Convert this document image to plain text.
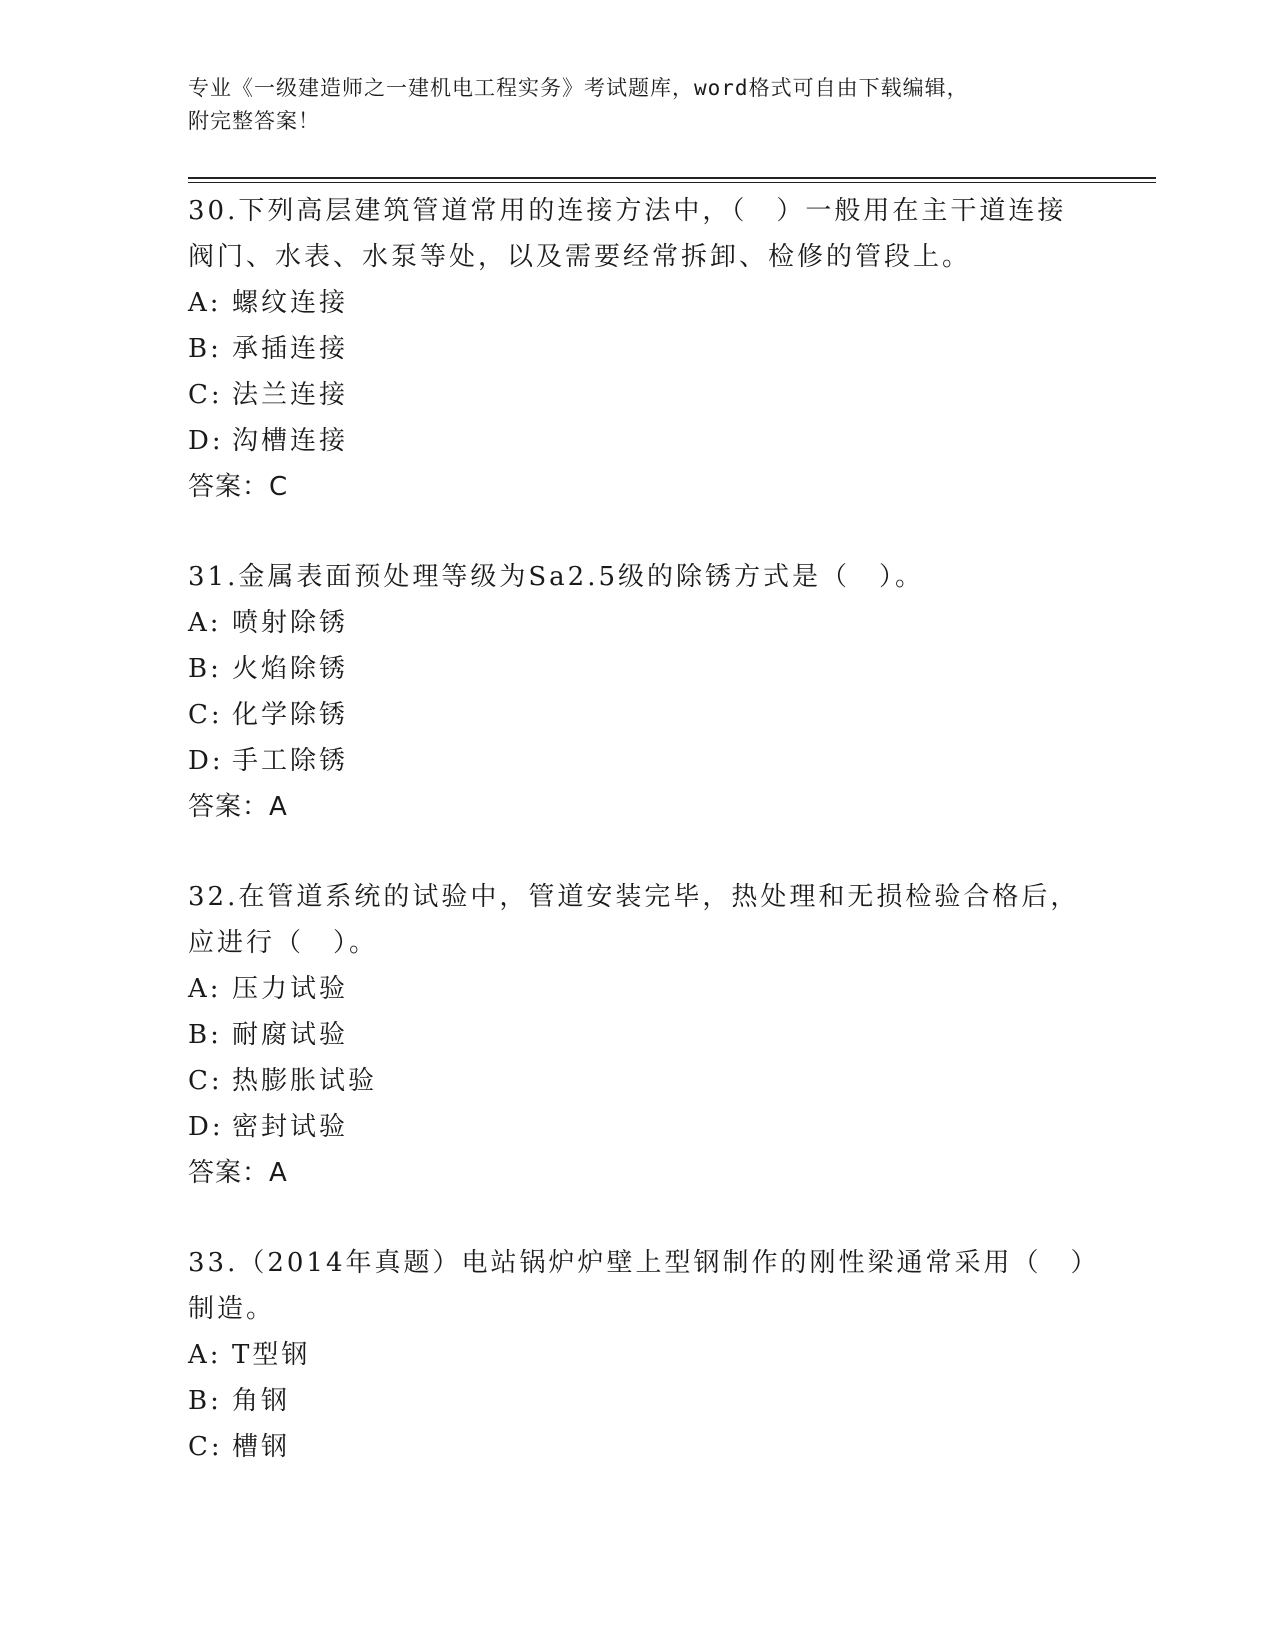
专业《一级建造师之一建机电工程实务》考试题库，word格式可自由下载编辑，
附完整答案！
30.下列高层建筑管道常用的连接方法中，（　）一般用在主干道连接
阀门、水表、水泵等处，以及需要经常拆卸、检修的管段上。
A: 螺纹连接
B: 承插连接
C: 法兰连接
D: 沟槽连接
答案：C
31.金属表面预处理等级为Sa2.5级的除锈方式是（　）。
A: 喷射除锈
B: 火焰除锈
C: 化学除锈
D: 手工除锈
答案：A
32.在管道系统的试验中，管道安装完毕，热处理和无损检验合格后，
应进行（　）。
A: 压力试验
B: 耐腐试验
C: 热膨胀试验
D: 密封试验
答案：A
33.（2014年真题）电站锅炉炉壁上型钢制作的刚性梁通常采用（　）
制造。
A: T型钢
B: 角钢
C: 槽钢
